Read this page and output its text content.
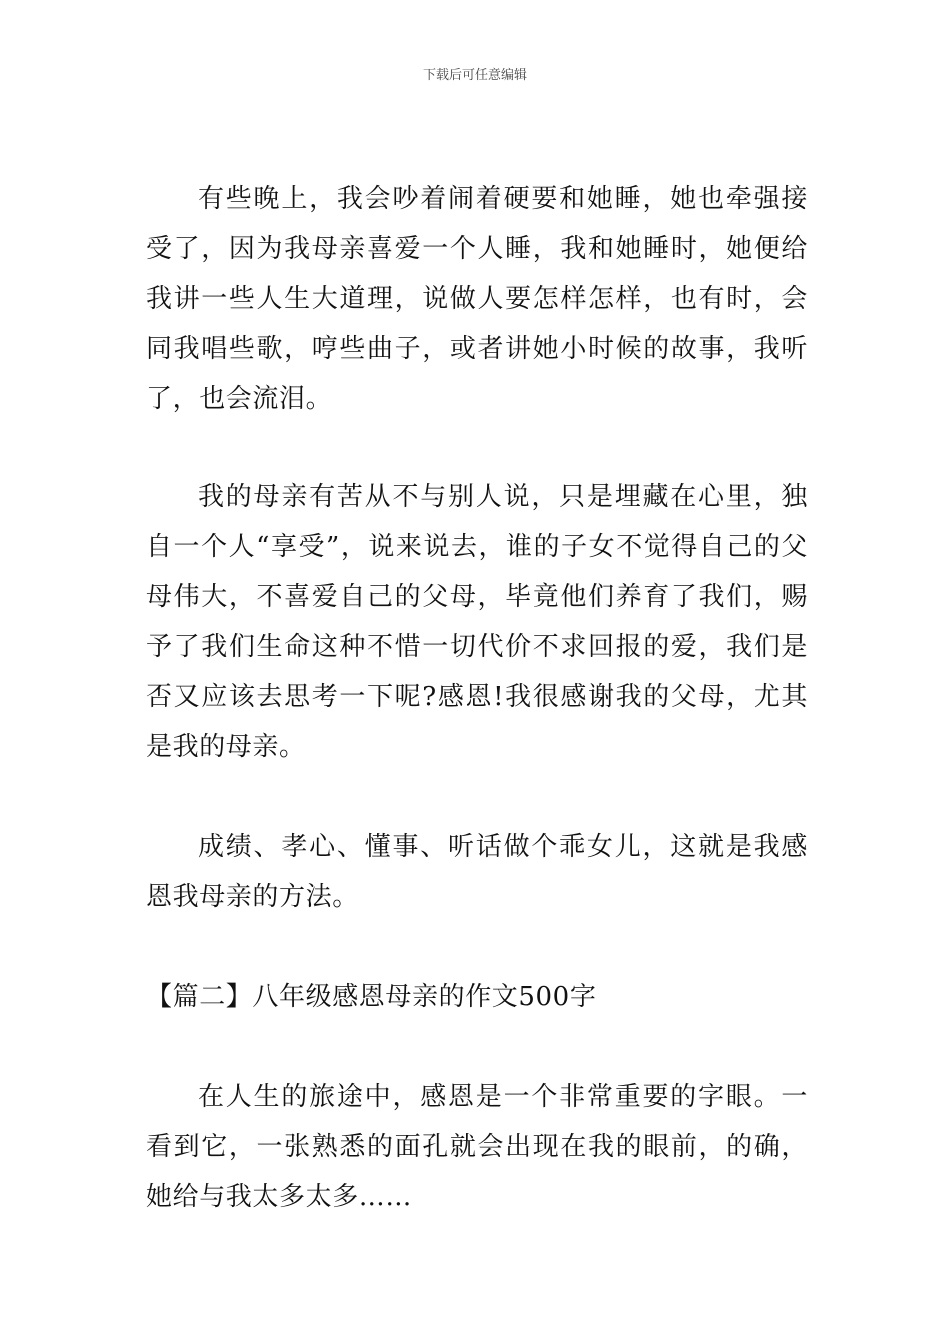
下载后可任意编辑

有些晚上，我会吵着闹着硬要和她睡，她也牵强接受了，因为我母亲喜爱一个人睡，我和她睡时，她便给我讲一些人生大道理，说做人要怎样怎样，也有时，会同我唱些歌，哼些曲子，或者讲她小时候的故事，我听了，也会流泪。

我的母亲有苦从不与别人说，只是埋藏在心里，独自一个人“享受”，说来说去，谁的子女不觉得自己的父母伟大，不喜爱自己的父母，毕竟他们养育了我们，赐予了我们生命这种不惜一切代价不求回报的爱，我们是否又应该去思考一下呢?感恩!我很感谢我的父母，尤其是我的母亲。

成绩、孝心、懂事、听话做个乖女儿，这就是我感恩我母亲的方法。

【篇二】八年级感恩母亲的作文500字

在人生的旅途中，感恩是一个非常重要的字眼。一看到它，一张熟悉的面孔就会出现在我的眼前，的确，她给与我太多太多……
